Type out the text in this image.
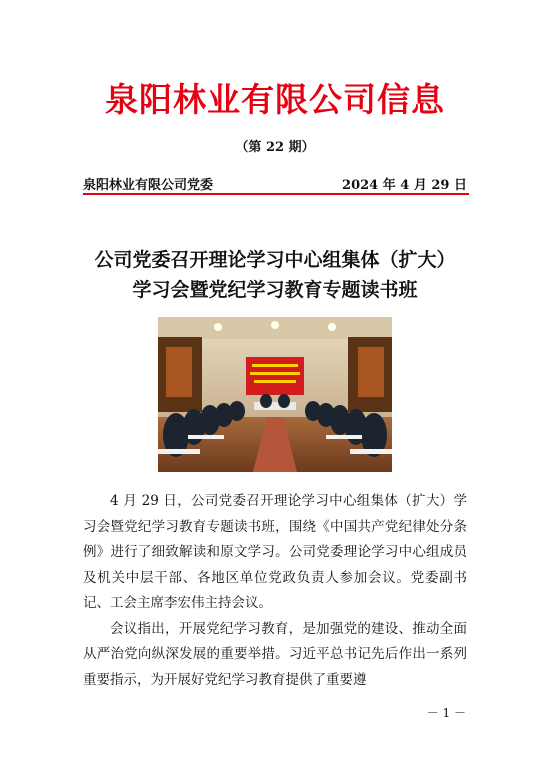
泉阳林业有限公司信息
（第 22 期）
泉阳林业有限公司党委	2024 年 4 月 29 日
公司党委召开理论学习中心组集体（扩大）
学习会暨党纪学习教育专题读书班

4 月 29 日，公司党委召开理论学习中心组集体（扩大）学习会暨党纪学习教育专题读书班，围绕《中国共产党纪律处分条例》进行了细致解读和原文学习。公司党委理论学习中心组成员及机关中层干部、各地区单位党政负责人参加会议。党委副书记、工会主席李宏伟主持会议。

会议指出，开展党纪学习教育，是加强党的建设、推动全面从严治党向纵深发展的重要举措。习近平总书记先后作出一系列重要指示，为开展好党纪学习教育提供了重要遵

－ 1 －
